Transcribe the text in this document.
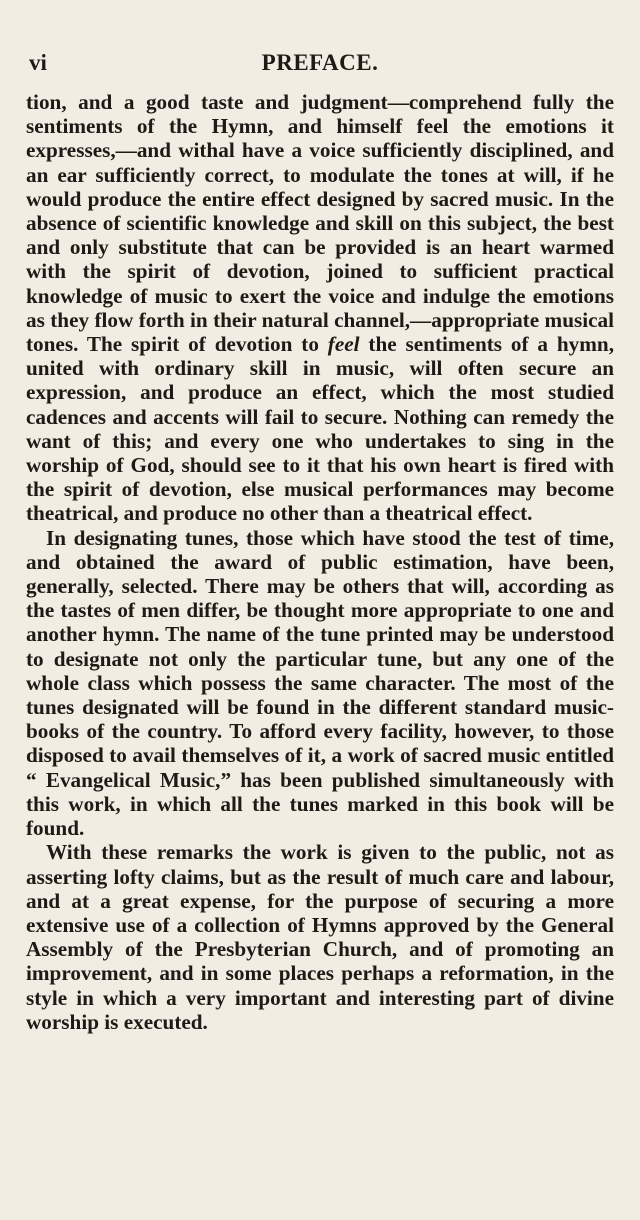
vi	PREFACE.

tion, and a good taste and judgment—comprehend fully the sentiments of the Hymn, and himself feel the emotions it expresses,—and withal have a voice sufficiently disciplined, and an ear sufficiently correct, to modulate the tones at will, if he would produce the entire effect designed by sacred music. In the absence of scientific knowledge and skill on this subject, the best and only substitute that can be provided is an heart warmed with the spirit of devotion, joined to sufficient practical knowledge of music to exert the voice and indulge the emotions as they flow forth in their natural channel,—appropriate musical tones. The spirit of devotion to feel the sentiments of a hymn, united with ordinary skill in music, will often secure an expression, and produce an effect, which the most studied cadences and accents will fail to secure. Nothing can remedy the want of this; and every one who undertakes to sing in the worship of God, should see to it that his own heart is fired with the spirit of devotion, else musical performances may become theatrical, and produce no other than a theatrical effect.

In designating tunes, those which have stood the test of time, and obtained the award of public estimation, have been, generally, selected. There may be others that will, according as the tastes of men differ, be thought more appropriate to one and another hymn. The name of the tune printed may be understood to designate not only the particular tune, but any one of the whole class which possess the same character. The most of the tunes designated will be found in the different standard music-books of the country. To afford every facility, however, to those disposed to avail themselves of it, a work of sacred music entitled “ Evangelical Music,” has been published simultaneously with this work, in which all the tunes marked in this book will be found.

With these remarks the work is given to the public, not as asserting lofty claims, but as the result of much care and labour, and at a great expense, for the purpose of securing a more extensive use of a collection of Hymns approved by the General Assembly of the Presbyterian Church, and of promoting an improvement, and in some places perhaps a reformation, in the style in which a very important and interesting part of divine worship is executed.
